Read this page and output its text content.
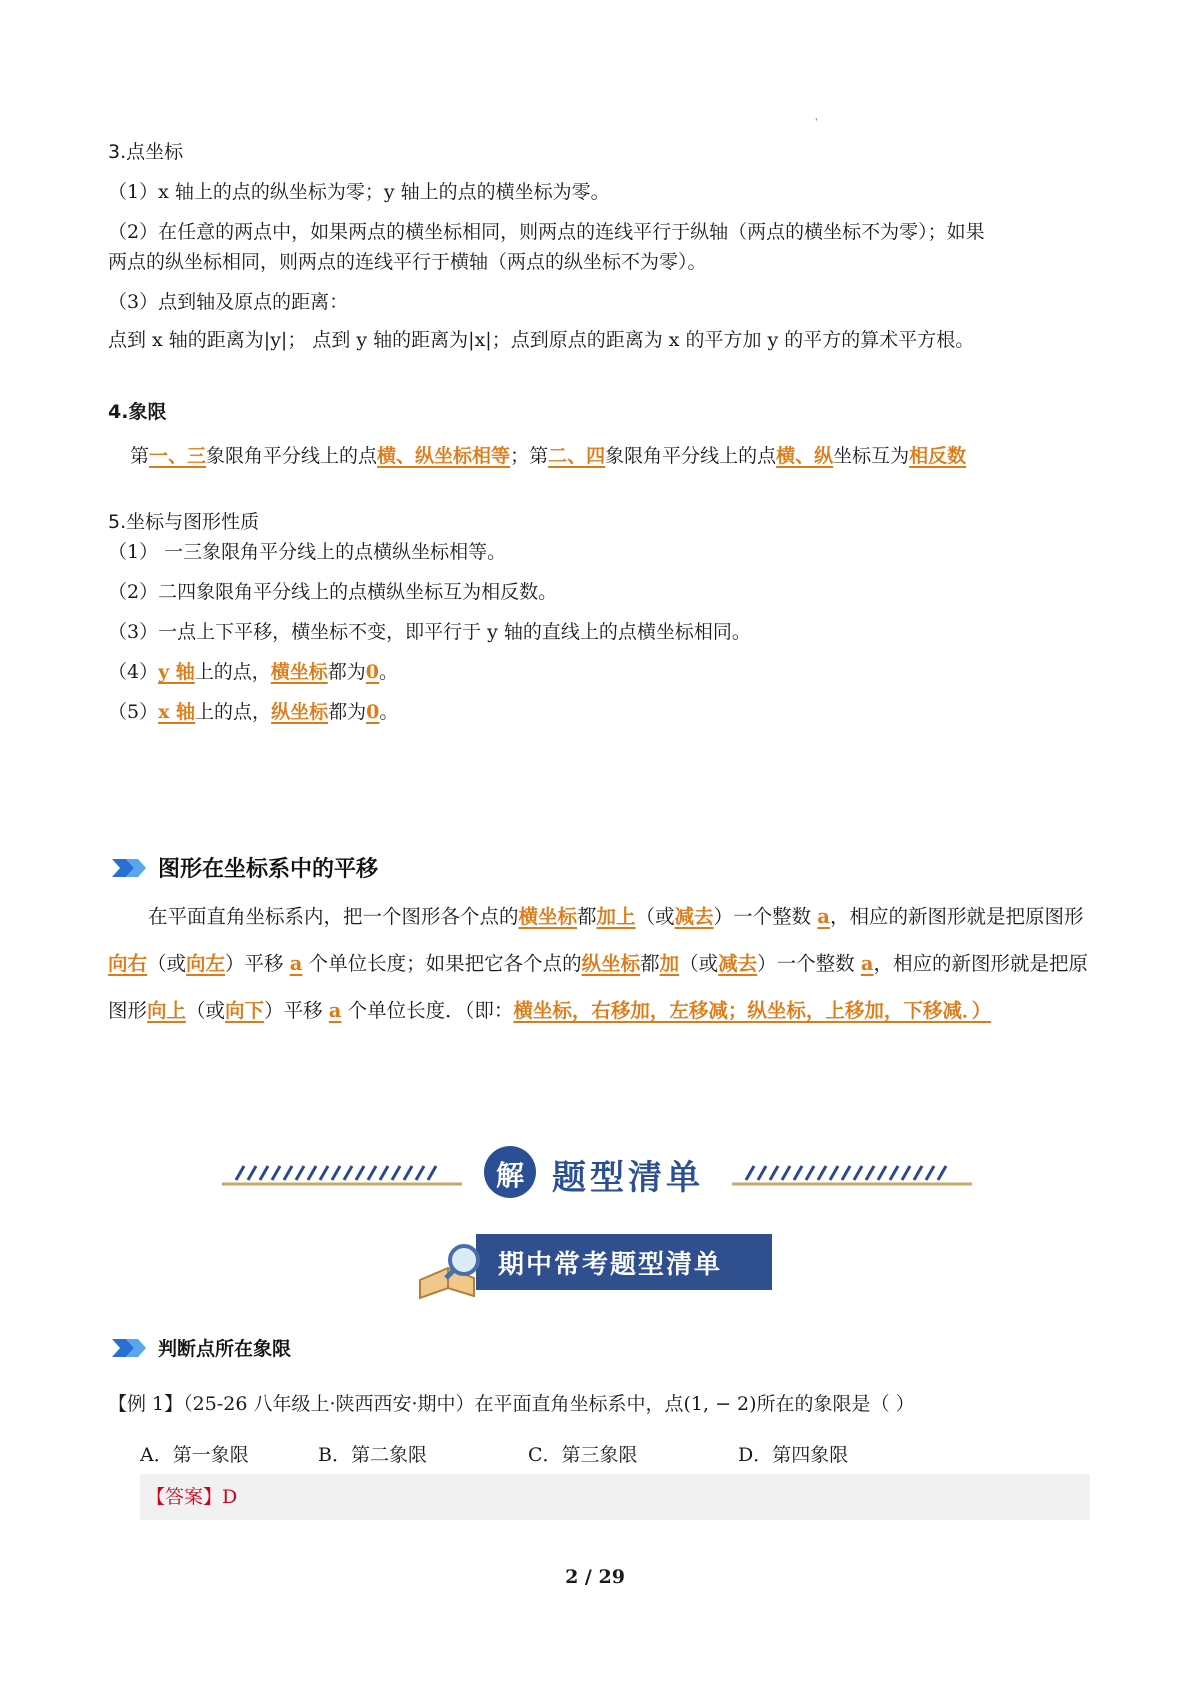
'
3.点坐标
（1）x 轴上的点的纵坐标为零；y 轴上的点的横坐标为零。
（2）在任意的两点中，如果两点的横坐标相同，则两点的连线平行于纵轴（两点的横坐标不为零）；如果
两点的纵坐标相同，则两点的连线平行于横轴（两点的纵坐标不为零）。
（3）点到轴及原点的距离：
点到 x 轴的距离为|y|； 点到 y 轴的距离为|x|；点到原点的距离为 x 的平方加 y 的平方的算术平方根。
4.象限
第一、三象限角平分线上的点横、纵坐标相等；第二、四象限角平分线上的点横、纵坐标互为相反数
5.坐标与图形性质
（1） 一三象限角平分线上的点横纵坐标相等。
（2）二四象限角平分线上的点横纵坐标互为相反数。
（3）一点上下平移，横坐标不变，即平行于 y 轴的直线上的点横坐标相同。
（4）y 轴上的点，横坐标都为0。
（5）x 轴上的点，纵坐标都为0。
图形在坐标系中的平移
在平面直角坐标系内，把一个图形各个点的横坐标都加上（或减去）一个整数 a，相应的新图形就是把原图形向右（或向左）平移 a 个单位长度；如果把它各个点的纵坐标都加（或减去）一个整数 a，相应的新图形就是把原图形向上（或向下）平移 a 个单位长度．（即：横坐标，右移加，左移减；纵坐标，上移加，下移减．）
解 题型清单
期中常考题型清单
判断点所在象限
【例 1】（25-26 八年级上·陕西西安·期中）在平面直角坐标系中，点(1, − 2)所在的象限是（ ）
A．第一象限	B．第二象限	C．第三象限	D．第四象限
【答案】D
2 / 29
